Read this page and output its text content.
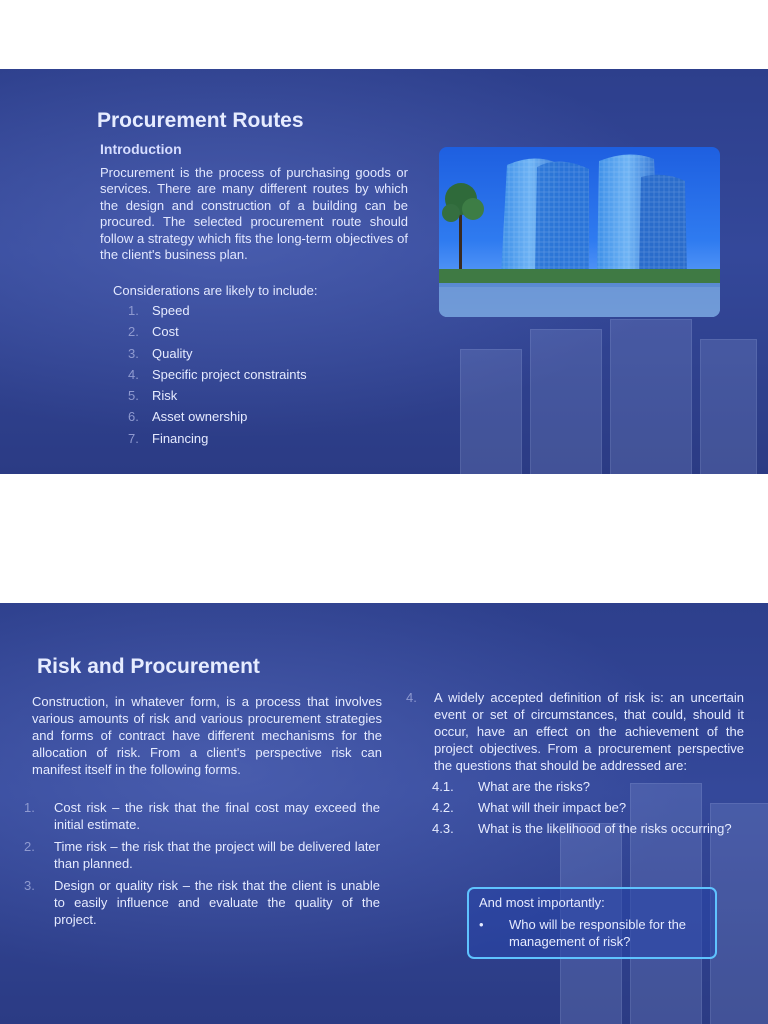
Procurement Routes
Introduction

Procurement is the process of purchasing goods or services. There are many different routes by which the design and construction of a building can be procured. The selected procurement route should follow a strategy which fits the long-term objectives of the client's business plan.

Considerations are likely to include:

1.	Speed
2.	Cost
3.	Quality
4.	Specific project constraints
5.	Risk
6.	Asset ownership
7.	Financing
Risk and Procurement

Construction, in whatever form, is a process that involves various amounts of risk and various procurement strategies and forms of contract have different mechanisms for the allocation of risk. From a client's perspective risk can manifest itself in the following forms.

1.	Cost risk – the risk that the final cost may exceed the initial estimate.
2.	Time risk – the risk that the project will be delivered later than planned.
3.	Design or quality risk – the risk that the client is unable to easily influence and evaluate the quality of the project.
4.	A widely accepted definition of risk is: an uncertain event or set of circumstances, that could, should it occur, have an effect on the achievement of the project objectives. From a procurement perspective the questions that should be addressed are:
4.1.	What are the risks?
4.2.	What will their impact be?
4.3.	What is the likelihood of the risks occurring?

And most importantly:

•	Who will be responsible for the management of risk?
